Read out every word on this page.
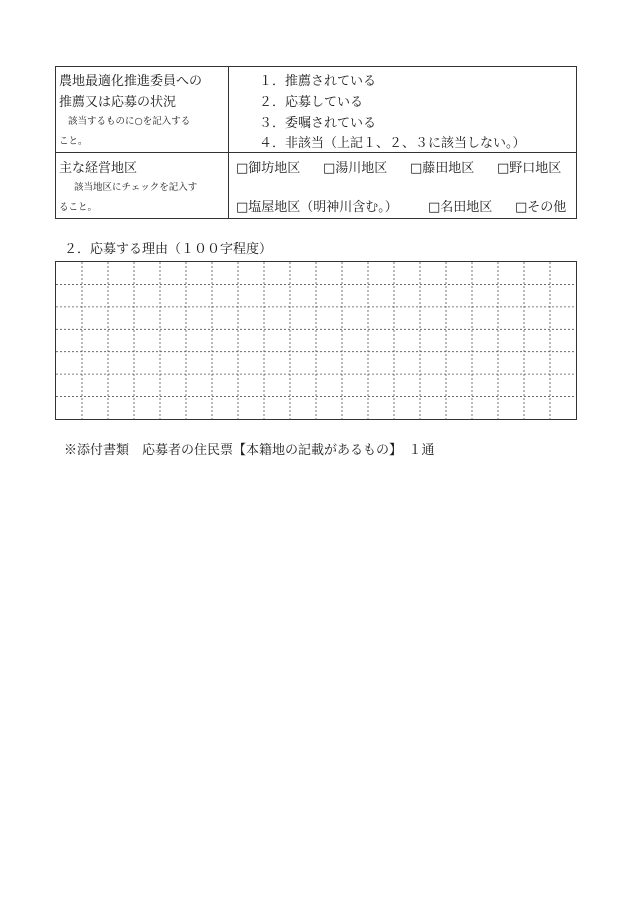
農地最適化推進委員への
推薦又は応募の状況
該当するものに○を記入する
こと。
１．推薦されている
２．応募している
３．委嘱されている
４．非該当（上記１、２、３に該当しない。）
主な経営地区
該当地区にチェックを記入す
ること。
□御坊地区 □湯川地区 □藤田地区 □野口地区
□塩屋地区（明神川含む。） □名田地区 □その他
２．応募する理由（１００字程度）
※添付書類　応募者の住民票【本籍地の記載があるもの】　１通
